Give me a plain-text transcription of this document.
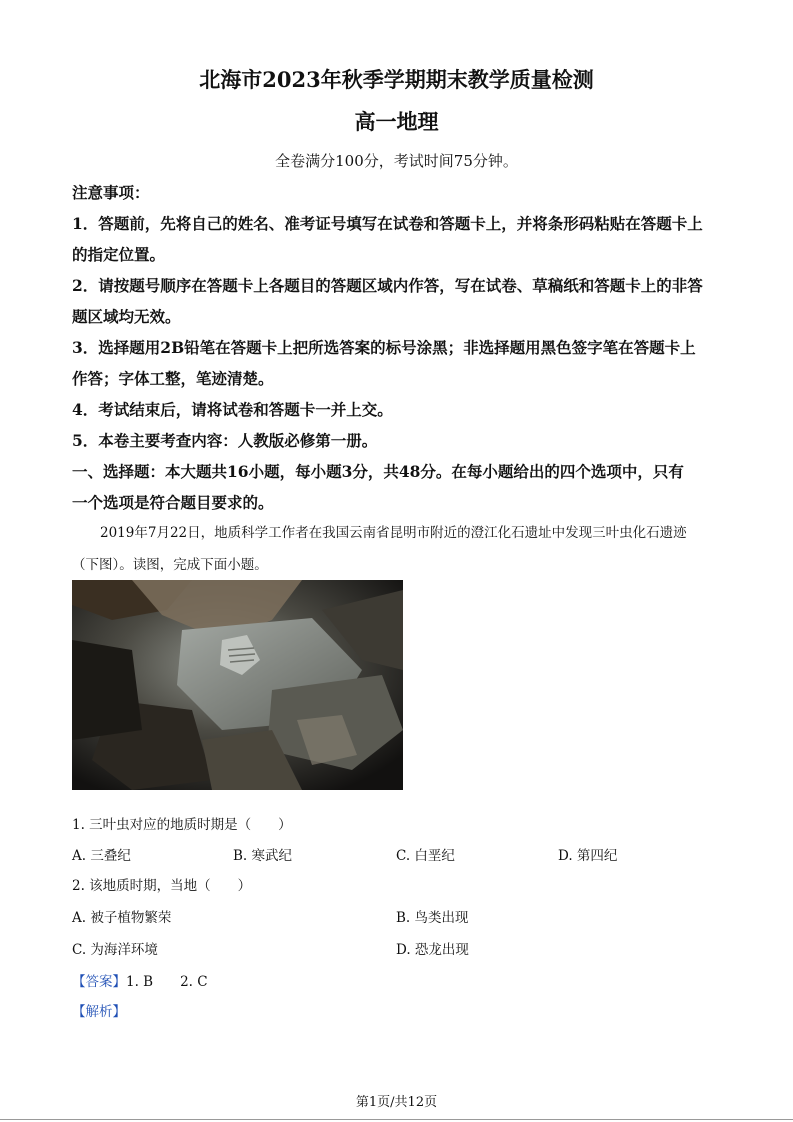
北海市2023年秋季学期期末教学质量检测
高一地理
全卷满分100分，考试时间75分钟。
注意事项：
1．答题前，先将自己的姓名、准考证号填写在试卷和答题卡上，并将条形码粘贴在答题卡上
的指定位置。
2．请按题号顺序在答题卡上各题目的答题区域内作答，写在试卷、草稿纸和答题卡上的非答
题区域均无效。
3．选择题用2B铅笔在答题卡上把所选答案的标号涂黑；非选择题用黑色签字笔在答题卡上
作答；字体工整，笔迹清楚。
4．考试结束后，请将试卷和答题卡一并上交。
5．本卷主要考查内容：人教版必修第一册。
一、选择题：本大题共16小题，每小题3分，共48分。在每小题给出的四个选项中，只有
一个选项是符合题目要求的。
2019年7月22日，地质科学工作者在我国云南省昆明市附近的澄江化石遗址中发现三叶虫化石遗迹
（下图）。读图，完成下面小题。
1. 三叶虫对应的地质时期是（　　）
A. 三叠纪	B. 寒武纪	C. 白垩纪	D. 第四纪
2. 该地质时期，当地（　　）
A. 被子植物繁荣	B. 鸟类出现
C. 为海洋环境	D. 恐龙出现
【答案】1. B　　2. C
【解析】
第1页/共12页
